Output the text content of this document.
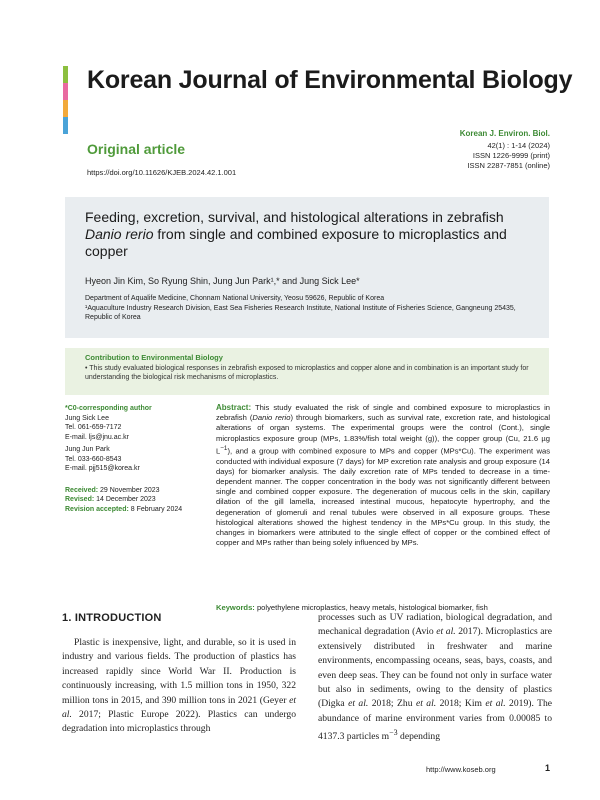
Korean Journal of Environmental Biology
Original article
https://doi.org/10.11626/KJEB.2024.42.1.001
Korean J. Environ. Biol.
42(1) : 1-14 (2024)
ISSN 1226-9999 (print)
ISSN 2287-7851 (online)
Feeding, excretion, survival, and histological alterations in zebrafish Danio rerio from single and combined exposure to microplastics and copper
Hyeon Jin Kim, So Ryung Shin, Jung Jun Park¹,* and Jung Sick Lee*
Department of Aqualife Medicine, Chonnam National University, Yeosu 59626, Republic of Korea
¹Aquaculture Industry Research Division, East Sea Fisheries Research Institute, National Institute of Fisheries Science, Gangneung 25435, Republic of Korea
Contribution to Environmental Biology
• This study evaluated biological responses in zebrafish exposed to microplastics and copper alone and in combination is an important study for understanding the biological risk mechanisms of microplastics.
*C0-corresponding author
Jung Sick Lee
Tel. 061-659-7172
E-mail. ljs@jnu.ac.kr
Jung Jun Park
Tel. 033-660-8543
E-mail. pjj515@korea.kr
Received: 29 November 2023
Revised: 14 December 2023
Revision accepted: 8 February 2024
Abstract: This study evaluated the risk of single and combined exposure to microplastics in zebrafish (Danio rerio) through biomarkers, such as survival rate, excretion rate, and histological alterations of organ systems. The experimental groups were the control (Cont.), single microplastics exposure group (MPs, 1.83%/fish total weight (g)), the copper group (Cu, 21.6 µg $L^{-1}$), and a group with combined exposure to MPs and copper (MPs*Cu). The experiment was conducted with individual exposure (7 days) for MP excretion rate analysis and group exposure (14 days) for biomarker analysis. The daily excretion rate of MPs tended to decrease in a time-dependent manner. The copper concentration in the body was not significantly different between single and combined copper exposure. The degeneration of mucous cells in the skin, capillary dilation of the gill lamella, increased intestinal mucous, hepatocyte hypertrophy, and the degeneration of glomeruli and renal tubules were observed in all exposure groups. These histological alterations showed the highest tendency in the MPs*Cu group. In this study, the changes in biomarkers were attributed to the single effect of copper or the combined effect of copper and MPs rather than being solely influenced by MPs.
Keywords: polyethylene microplastics, heavy metals, histological biomarker, fish
1. INTRODUCTION

Plastic is inexpensive, light, and durable, so it is used in industry and various fields. The production of plastics has increased rapidly since World War II. Production is continuously increasing, with 1.5 million tons in 1950, 322 million tons in 2015, and 390 million tons in 2021 (Geyer et al. 2017; Plastic Europe 2022). Plastics can undergo degradation into microplastics through

processes such as UV radiation, biological degradation, and mechanical degradation (Avio et al. 2017). Microplastics are extensively distributed in freshwater and marine environments, encompassing oceans, seas, bays, coasts, and even deep seas. They can be found not only in surface water but also in sediments, owing to the density of plastics (Digka et al. 2018; Zhu et al. 2018; Kim et al. 2019). The abundance of marine environment varies from 0.00085 to 4137.3 particles $m^{-3}$ depending

http://www.koseb.org	1
